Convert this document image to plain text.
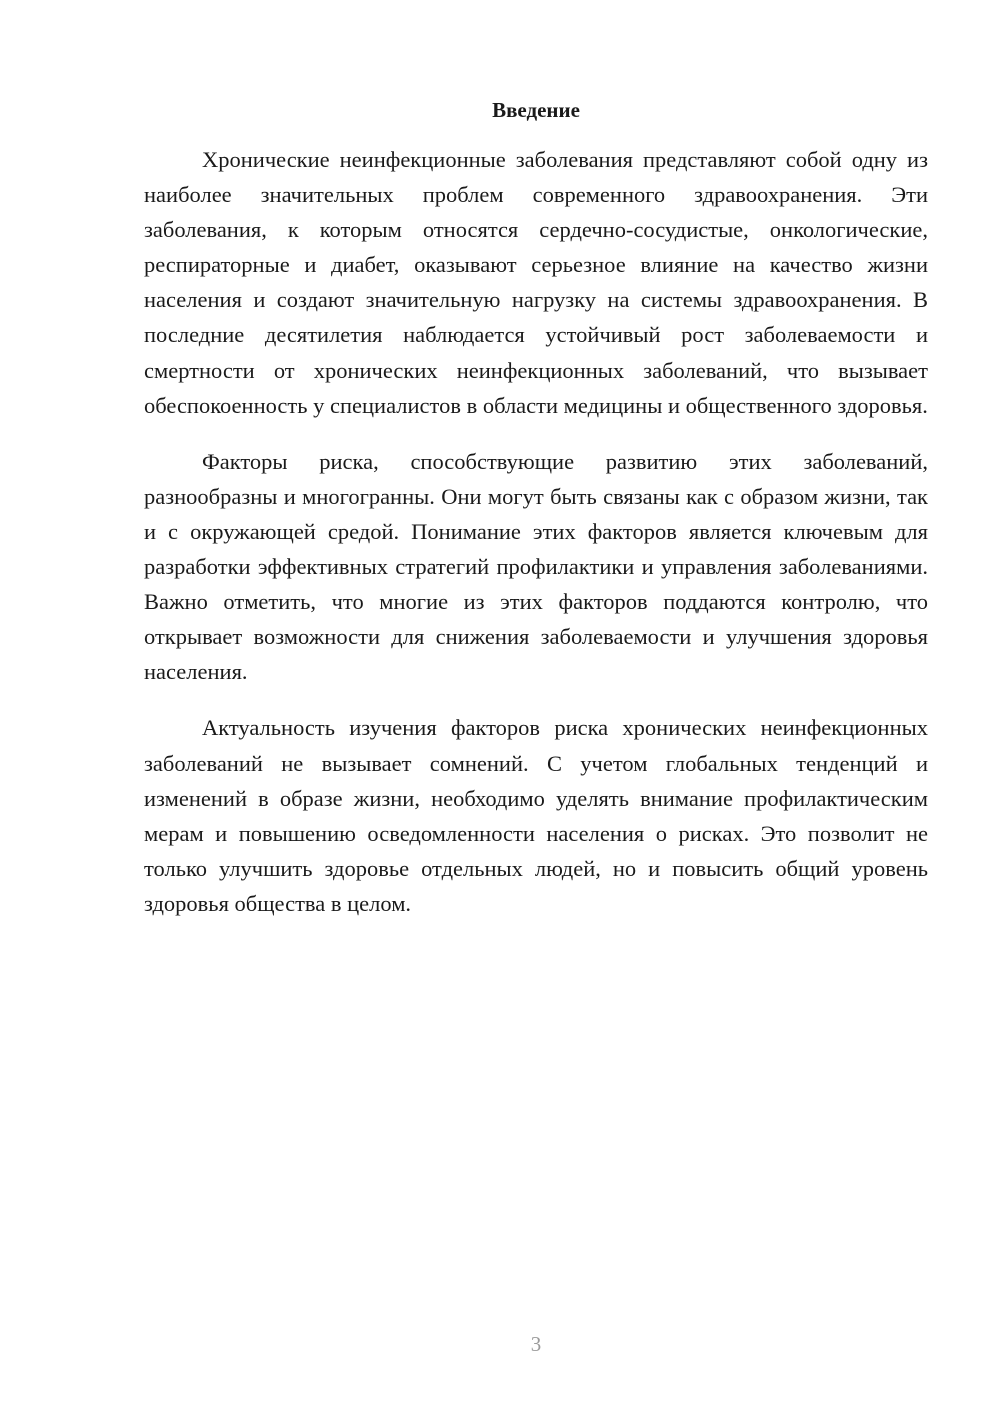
Введение

Хронические неинфекционные заболевания представляют собой одну из наиболее значительных проблем современного здравоохранения. Эти заболевания, к которым относятся сердечно-сосудистые, онкологические, респираторные и диабет, оказывают серьезное влияние на качество жизни населения и создают значительную нагрузку на системы здравоохранения. В последние десятилетия наблюдается устойчивый рост заболеваемости и смертности от хронических неинфекционных заболеваний, что вызывает обеспокоенность у специалистов в области медицины и общественного здоровья.

Факторы риска, способствующие развитию этих заболеваний, разнообразны и многогранны. Они могут быть связаны как с образом жизни, так и с окружающей средой. Понимание этих факторов является ключевым для разработки эффективных стратегий профилактики и управления заболеваниями. Важно отметить, что многие из этих факторов поддаются контролю, что открывает возможности для снижения заболеваемости и улучшения здоровья населения.

Актуальность изучения факторов риска хронических неинфекционных заболеваний не вызывает сомнений. С учетом глобальных тенденций и изменений в образе жизни, необходимо уделять внимание профилактическим мерам и повышению осведомленности населения о рисках. Это позволит не только улучшить здоровье отдельных людей, но и повысить общий уровень здоровья общества в целом.

3
